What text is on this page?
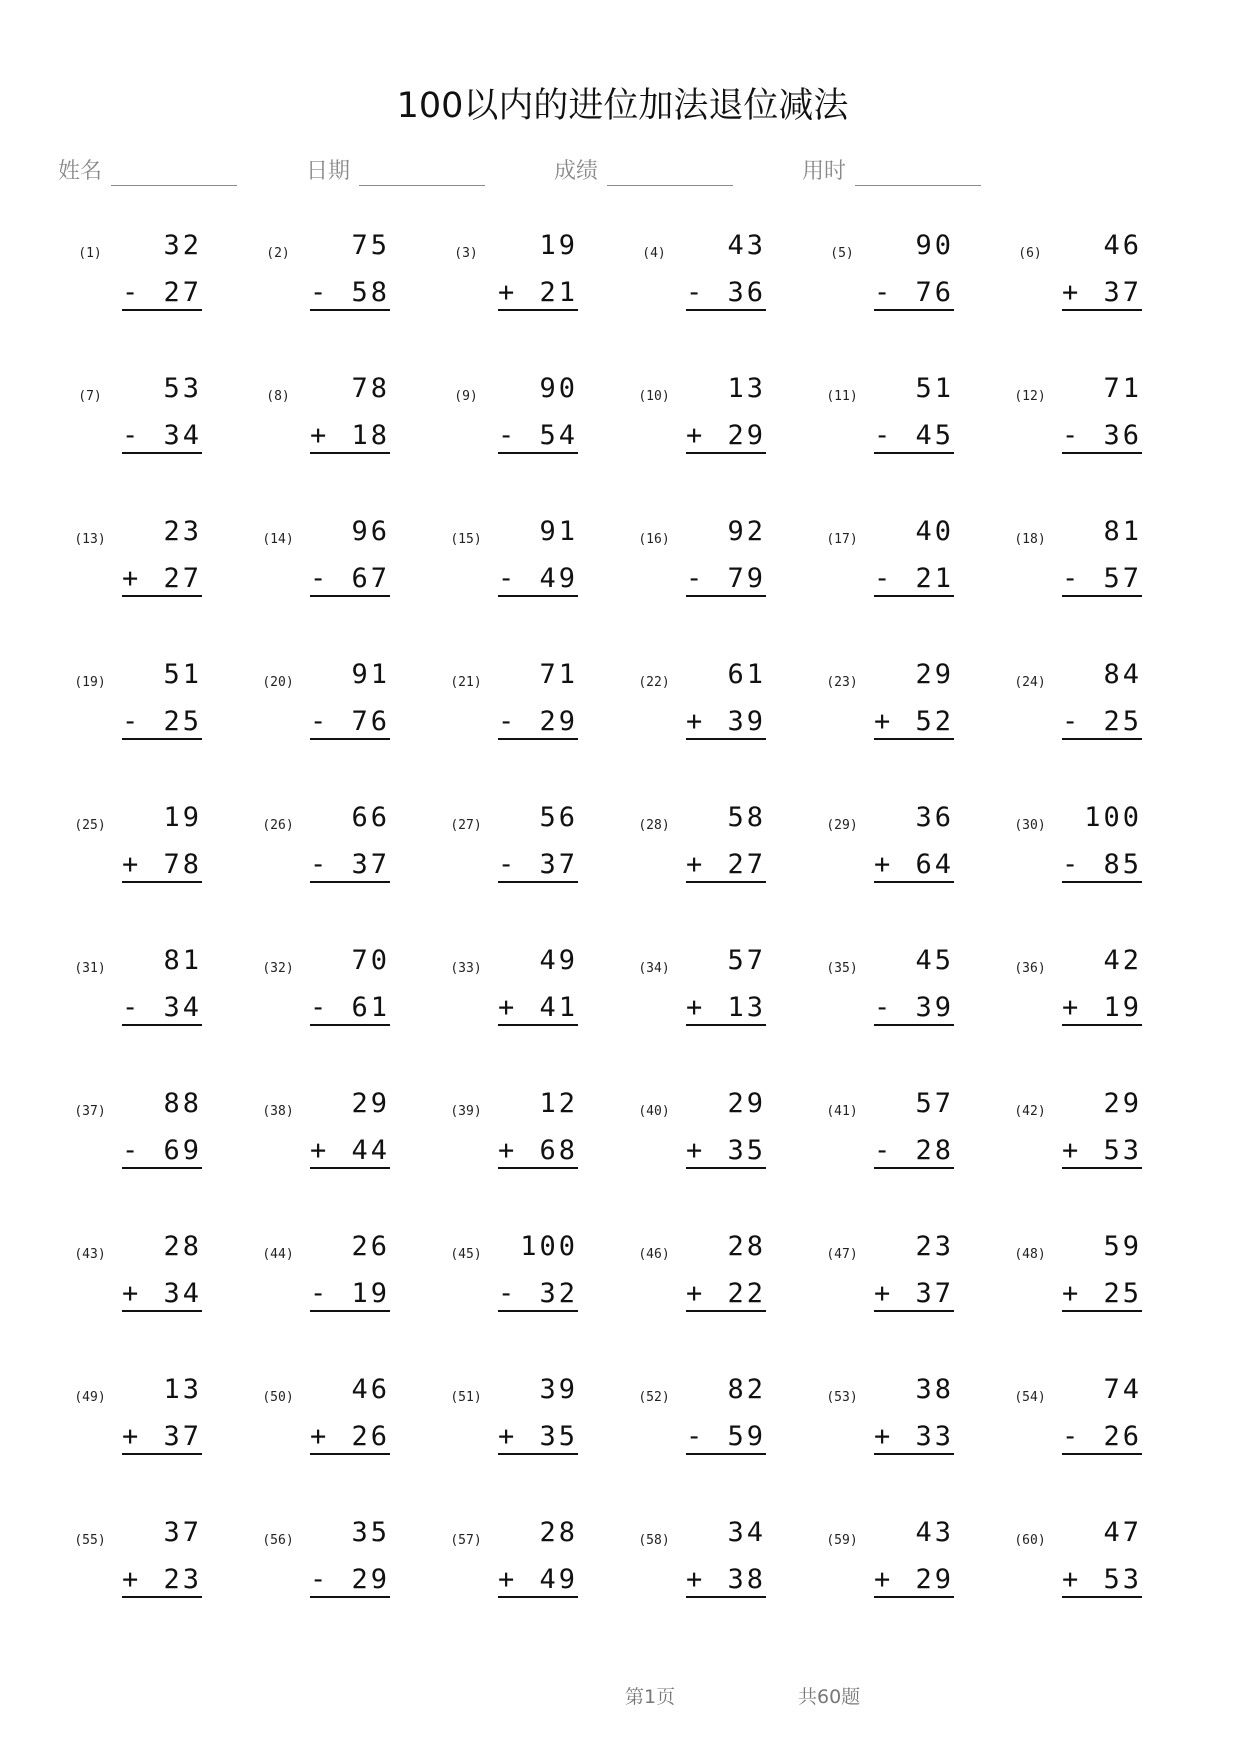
100以内的进位加法退位减法
姓名	日期	成绩	用时
(1)	32
- 27
(2)	75
- 58
(3)	19
+ 21
(4)	43
- 36
(5)	90
- 76
(6)	46
+ 37
(7)	53
- 34
(8)	78
+ 18
(9)	90
- 54
(10)	13
+ 29
(11)	51
- 45
(12)	71
- 36
(13)	23
+ 27
(14)	96
- 67
(15)	91
- 49
(16)	92
- 79
(17)	40
- 21
(18)	81
- 57
(19)	51
- 25
(20)	91
- 76
(21)	71
- 29
(22)	61
+ 39
(23)	29
+ 52
(24)	84
- 25
(25)	19
+ 78
(26)	66
- 37
(27)	56
- 37
(28)	58
+ 27
(29)	36
+ 64
(30)	100
- 85
(31)	81
- 34
(32)	70
- 61
(33)	49
+ 41
(34)	57
+ 13
(35)	45
- 39
(36)	42
+ 19
(37)	88
- 69
(38)	29
+ 44
(39)	12
+ 68
(40)	29
+ 35
(41)	57
- 28
(42)	29
+ 53
(43)	28
+ 34
(44)	26
- 19
(45)	100
- 32
(46)	28
+ 22
(47)	23
+ 37
(48)	59
+ 25
(49)	13
+ 37
(50)	46
+ 26
(51)	39
+ 35
(52)	82
- 59
(53)	38
+ 33
(54)	74
- 26
(55)	37
+ 23
(56)	35
- 29
(57)	28
+ 49
(58)	34
+ 38
(59)	43
+ 29
(60)	47
+ 53
第1页	共60题
